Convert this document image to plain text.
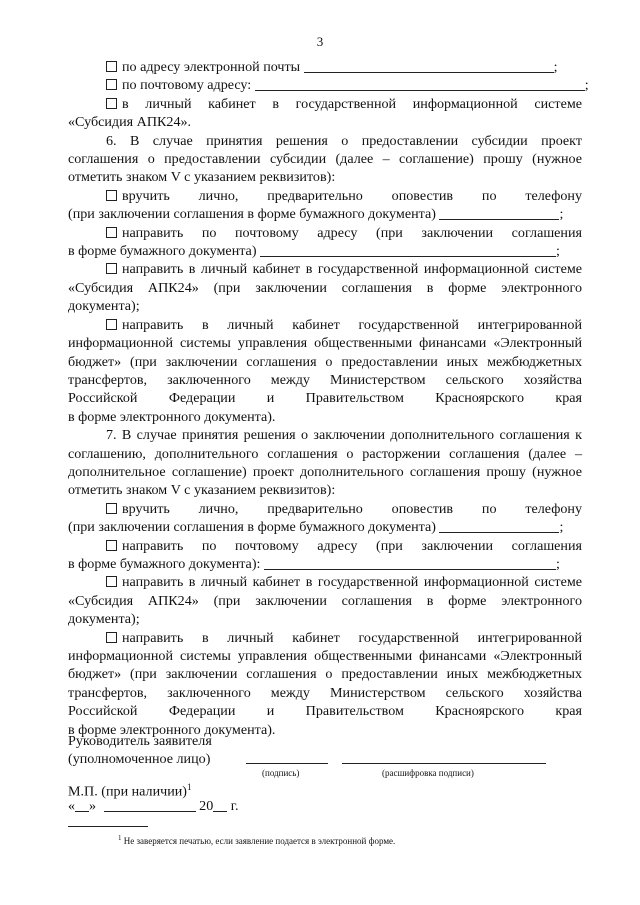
3
по адресу электронной почты	;
по почтовому адресу:	;
в личный кабинет в государственной информационной системе
«Субсидия АПК24».
6. В случае принятия решения о предоставлении субсидии проект
соглашения о предоставлении субсидии (далее – соглашение) прошу (нужное
отметить знаком V с указанием реквизитов):
вручить лично, предварительно оповестив по телефону
(при заключении соглашения в форме бумажного документа)	;
направить по почтовому адресу (при заключении соглашения
в форме бумажного документа)	;
направить в личный кабинет в государственной информационной системе
«Субсидия АПК24» (при заключении соглашения в форме электронного
документа);
направить в личный кабинет государственной интегрированной
информационной системы управления общественными финансами «Электронный
бюджет» (при заключении соглашения о предоставлении иных межбюджетных
трансфертов, заключенного между Министерством сельского хозяйства
Российской Федерации и Правительством Красноярского края
в форме электронного документа).
7. В случае принятия решения о заключении дополнительного соглашения к
соглашению, дополнительного соглашения о расторжении соглашения (далее –
дополнительное соглашение) проект дополнительного соглашения прошу (нужное
отметить знаком V с указанием реквизитов):
вручить лично, предварительно оповестив по телефону
(при заключении соглашения в форме бумажного документа)	;
направить по почтовому адресу (при заключении соглашения
в форме бумажного документа):	;
направить в личный кабинет в государственной информационной системе
«Субсидия АПК24» (при заключении соглашения в форме электронного
документа);
направить в личный кабинет государственной интегрированной
информационной системы управления общественными финансами «Электронный
бюджет» (при заключении соглашения о предоставлении иных межбюджетных
трансфертов, заключенного между Министерством сельского хозяйства
Российской Федерации и Правительством Красноярского края
в форме электронного документа).
Руководитель заявителя
(уполномоченное лицо)
(подпись)	(расшифровка подписи)
М.П. (при наличии)$^1$
« »	20 г.
$^1$ Не заверяется печатью, если заявление подается в электронной форме.
